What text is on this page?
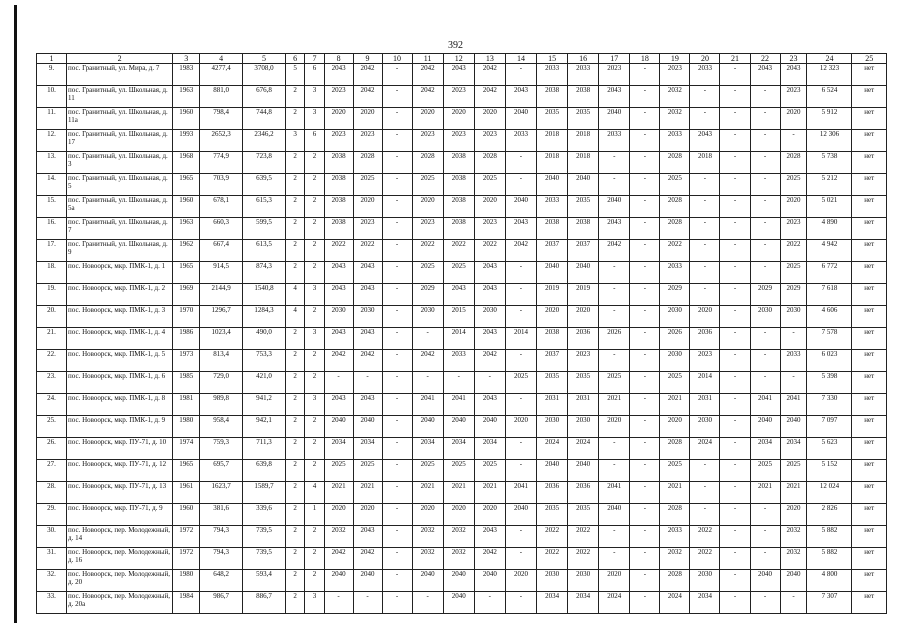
392
1	2	3	4	5	6	7	8	9	10	11	12	13	14	15	16	17	18	19	20	21	22	23	24	25
9.	пос. Гранитный, ул. Мира, д. 7	1983	4277,4	3708,0	5	6	2043	2042	-	2042	2043	2042	-	2033	2033	2023	-	2023	2033	-	2043	2043	12 323	нет
10.	пос. Гранитный, ул. Школьная, д. 11	1963	881,0	676,8	2	3	2023	2042	-	2042	2023	2042	2043	2038	2038	2043	-	2032	-	-	-	2023	6 524	нет
11.	пос. Гранитный, ул. Школьная, д. 11а	1960	798,4	744,8	2	3	2020	2020	-	2020	2020	2020	2040	2035	2035	2040	-	2032	-	-	-	2020	5 912	нет
12.	пос. Гранитный, ул. Школьная, д. 17	1993	2652,3	2346,2	3	6	2023	2023	-	2023	2023	2023	2033	2018	2018	2033	-	2033	2043	-	-	-	12 306	нет
13.	пос. Гранитный, ул. Школьная, д. 3	1968	774,9	723,8	2	2	2038	2028	-	2028	2038	2028	-	2018	2018	-	-	2028	2018	-	-	2028	5 738	нет
14.	пос. Гранитный, ул. Школьная, д. 5	1965	703,9	639,5	2	2	2038	2025	-	2025	2038	2025	-	2040	2040	-	-	2025	-	-	-	2025	5 212	нет
15.	пос. Гранитный, ул. Школьная, д. 5а	1960	678,1	615,3	2	2	2038	2020	-	2020	2038	2020	2040	2033	2035	2040	-	2028	-	-	-	2020	5 021	нет
16.	пос. Гранитный, ул. Школьная, д. 7	1963	660,3	599,5	2	2	2038	2023	-	2023	2038	2023	2043	2038	2038	2043	-	2028	-	-	-	2023	4 890	нет
17.	пос. Гранитный, ул. Школьная, д. 9	1962	667,4	613,5	2	2	2022	2022	-	2022	2022	2022	2042	2037	2037	2042	-	2022	-	-	-	2022	4 942	нет
18.	пос. Новоорск, мкр. ПМК-1, д. 1	1965	914,5	874,3	2	2	2043	2043	-	2025	2025	2043	-	2040	2040	-	-	2033	-	-	-	2025	6 772	нет
19.	пос. Новоорск, мкр. ПМК-1, д. 2	1969	2144,9	1540,8	4	3	2043	2043	-	2029	2043	2043	-	2019	2019	-	-	2029	-	-	2029	2029	7 618	нет
20.	пос. Новоорск, мкр. ПМК-1, д. 3	1970	1296,7	1284,3	4	2	2030	2030	-	2030	2015	2030	-	2020	2020	-	-	2030	2020	-	2030	2030	4 606	нет
21.	пос. Новоорск, мкр. ПМК-1, д. 4	1986	1023,4	490,0	2	3	2043	2043	-	-	2014	2043	2014	2038	2036	2026	-	2026	2036	-	-	-	7 578	нет
22.	пос. Новоорск, мкр. ПМК-1, д. 5	1973	813,4	753,3	2	2	2042	2042	-	2042	2033	2042	-	2037	2023	-	-	2030	2023	-	-	2033	6 023	нет
23.	пос. Новоорск, мкр. ПМК-1, д. 6	1985	729,0	421,0	2	2	-	-	-	-	-	-	2025	2035	2035	2025	-	2025	2014	-	-	-	5 398	нет
24.	пос. Новоорск, мкр. ПМК-1, д. 8	1981	989,8	941,2	2	3	2043	2043	-	2041	2041	2043	-	2031	2031	2021	-	2021	2031	-	2041	2041	7 330	нет
25.	пос. Новоорск, мкр. ПМК-1, д. 9	1980	958,4	942,1	2	2	2040	2040	-	2040	2040	2040	2020	2030	2030	2020	-	2020	2030	-	2040	2040	7 097	нет
26.	пос. Новоорск, мкр. ПУ-71, д. 10	1974	759,3	711,3	2	2	2034	2034	-	2034	2034	2034	-	2024	2024	-	-	2028	2024	-	2034	2034	5 623	нет
27.	пос. Новоорск, мкр. ПУ-71, д. 12	1965	695,7	639,8	2	2	2025	2025	-	2025	2025	2025	-	2040	2040	-	-	2025	-	-	2025	2025	5 152	нет
28.	пос. Новоорск, мкр. ПУ-71, д. 13	1961	1623,7	1589,7	2	4	2021	2021	-	2021	2021	2021	2041	2036	2036	2041	-	2021	-	-	2021	2021	12 024	нет
29.	пос. Новоорск, мкр. ПУ-71, д. 9	1960	381,6	339,6	2	1	2020	2020	-	2020	2020	2020	2040	2035	2035	2040	-	2028	-	-	-	2020	2 826	нет
30.	пос. Новоорск, пер. Молодежный, д. 14	1972	794,3	739,5	2	2	2032	2043	-	2032	2032	2043	-	2022	2022	-	-	2033	2022	-	-	2032	5 882	нет
31.	пос. Новоорск, пер. Молодежный, д. 16	1972	794,3	739,5	2	2	2042	2042	-	2032	2032	2042	-	2022	2022	-	-	2032	2022	-	-	2032	5 882	нет
32.	пос. Новоорск, пер. Молодежный, д. 20	1980	648,2	593,4	2	2	2040	2040	-	2040	2040	2040	2020	2030	2030	2020	-	2028	2030	-	2040	2040	4 800	нет
33.	пос. Новоорск, пер. Молодежный, д. 20а	1984	986,7	886,7	2	3	-	-	-	-	2040	-	-	2034	2034	2024	-	2024	2034	-	-	-	7 307	нет
